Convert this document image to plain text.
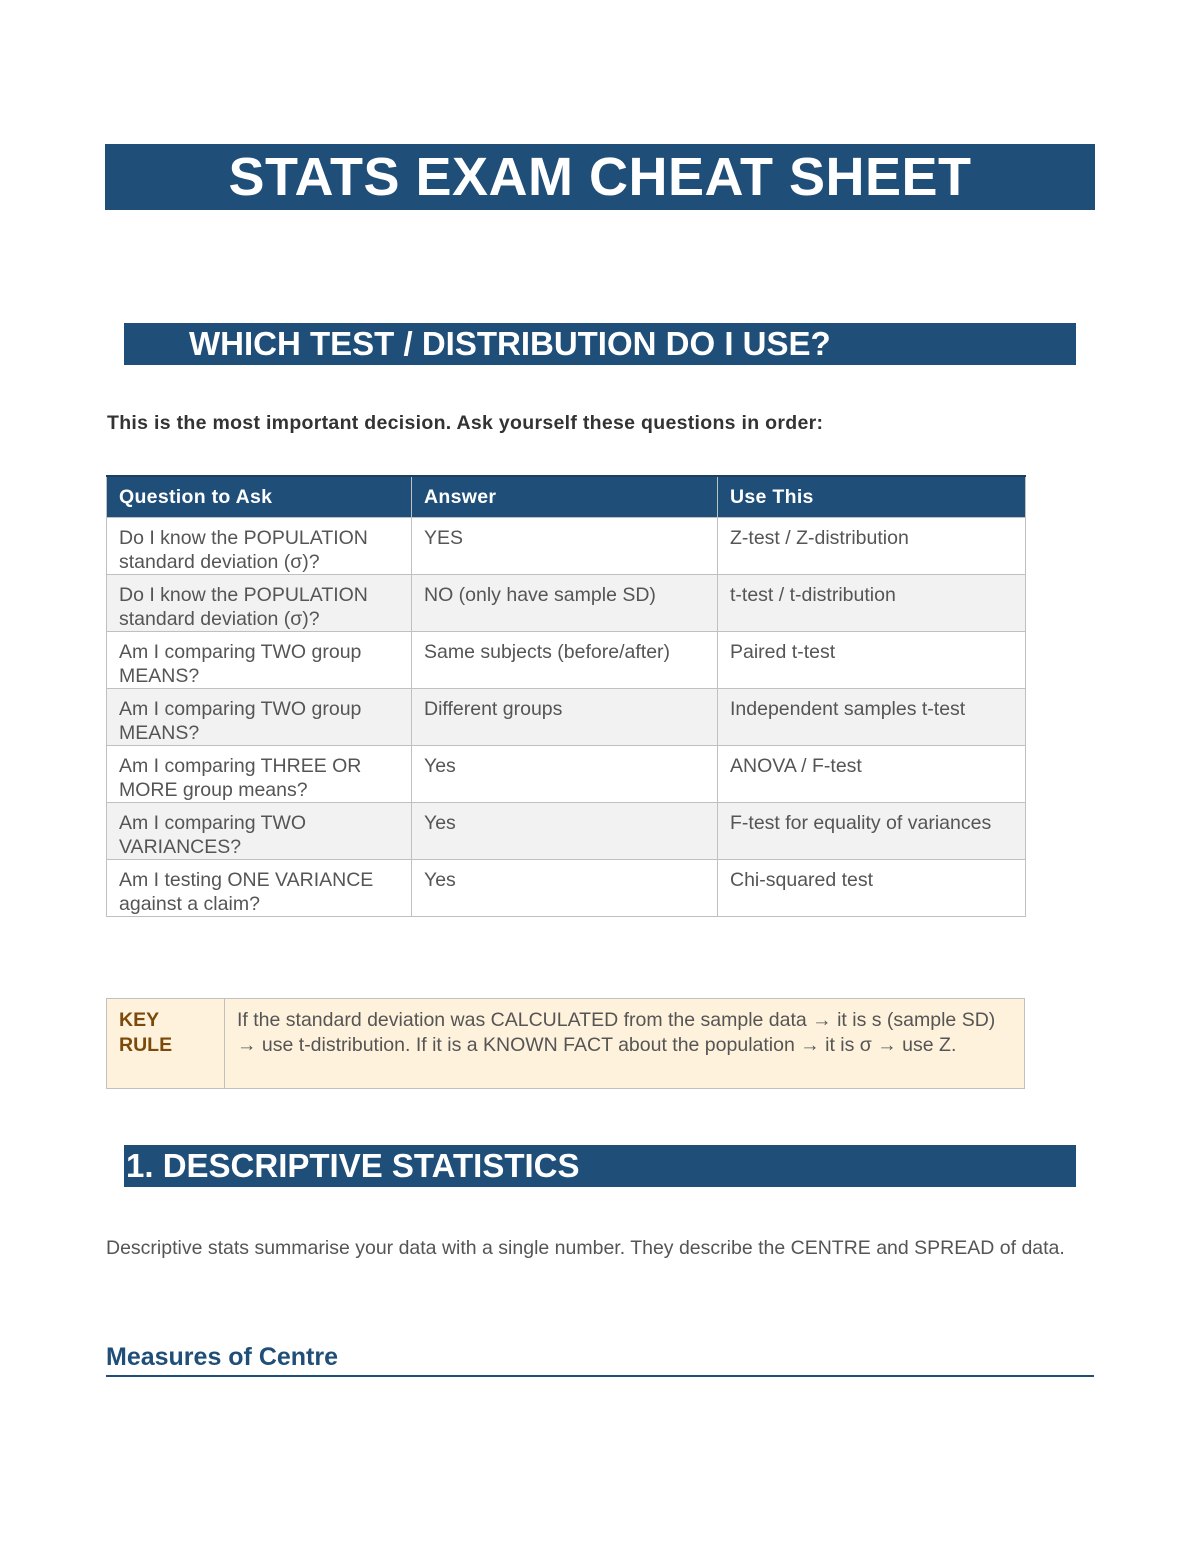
STATS EXAM CHEAT SHEET
WHICH TEST / DISTRIBUTION DO I USE?

This is the most important decision. Ask yourself these questions in order:

Question to Ask	Answer	Use This
Do I know the POPULATION standard deviation (σ)?	YES	Z-test / Z-distribution
Do I know the POPULATION standard deviation (σ)?	NO (only have sample SD)	t-test / t-distribution
Am I comparing TWO group MEANS?	Same subjects (before/after)	Paired t-test
Am I comparing TWO group MEANS?	Different groups	Independent samples t-test
Am I comparing THREE OR MORE group means?	Yes	ANOVA / F-test
Am I comparing TWO VARIANCES?	Yes	F-test for equality of variances
Am I testing ONE VARIANCE against a claim?	Yes	Chi-squared test
KEY RULE	If the standard deviation was CALCULATED from the sample data → it is s (sample SD) → use t-distribution. If it is a KNOWN FACT about the population → it is σ → use Z.
1. DESCRIPTIVE STATISTICS

Descriptive stats summarise your data with a single number. They describe the CENTRE and SPREAD of data.

Measures of Centre
